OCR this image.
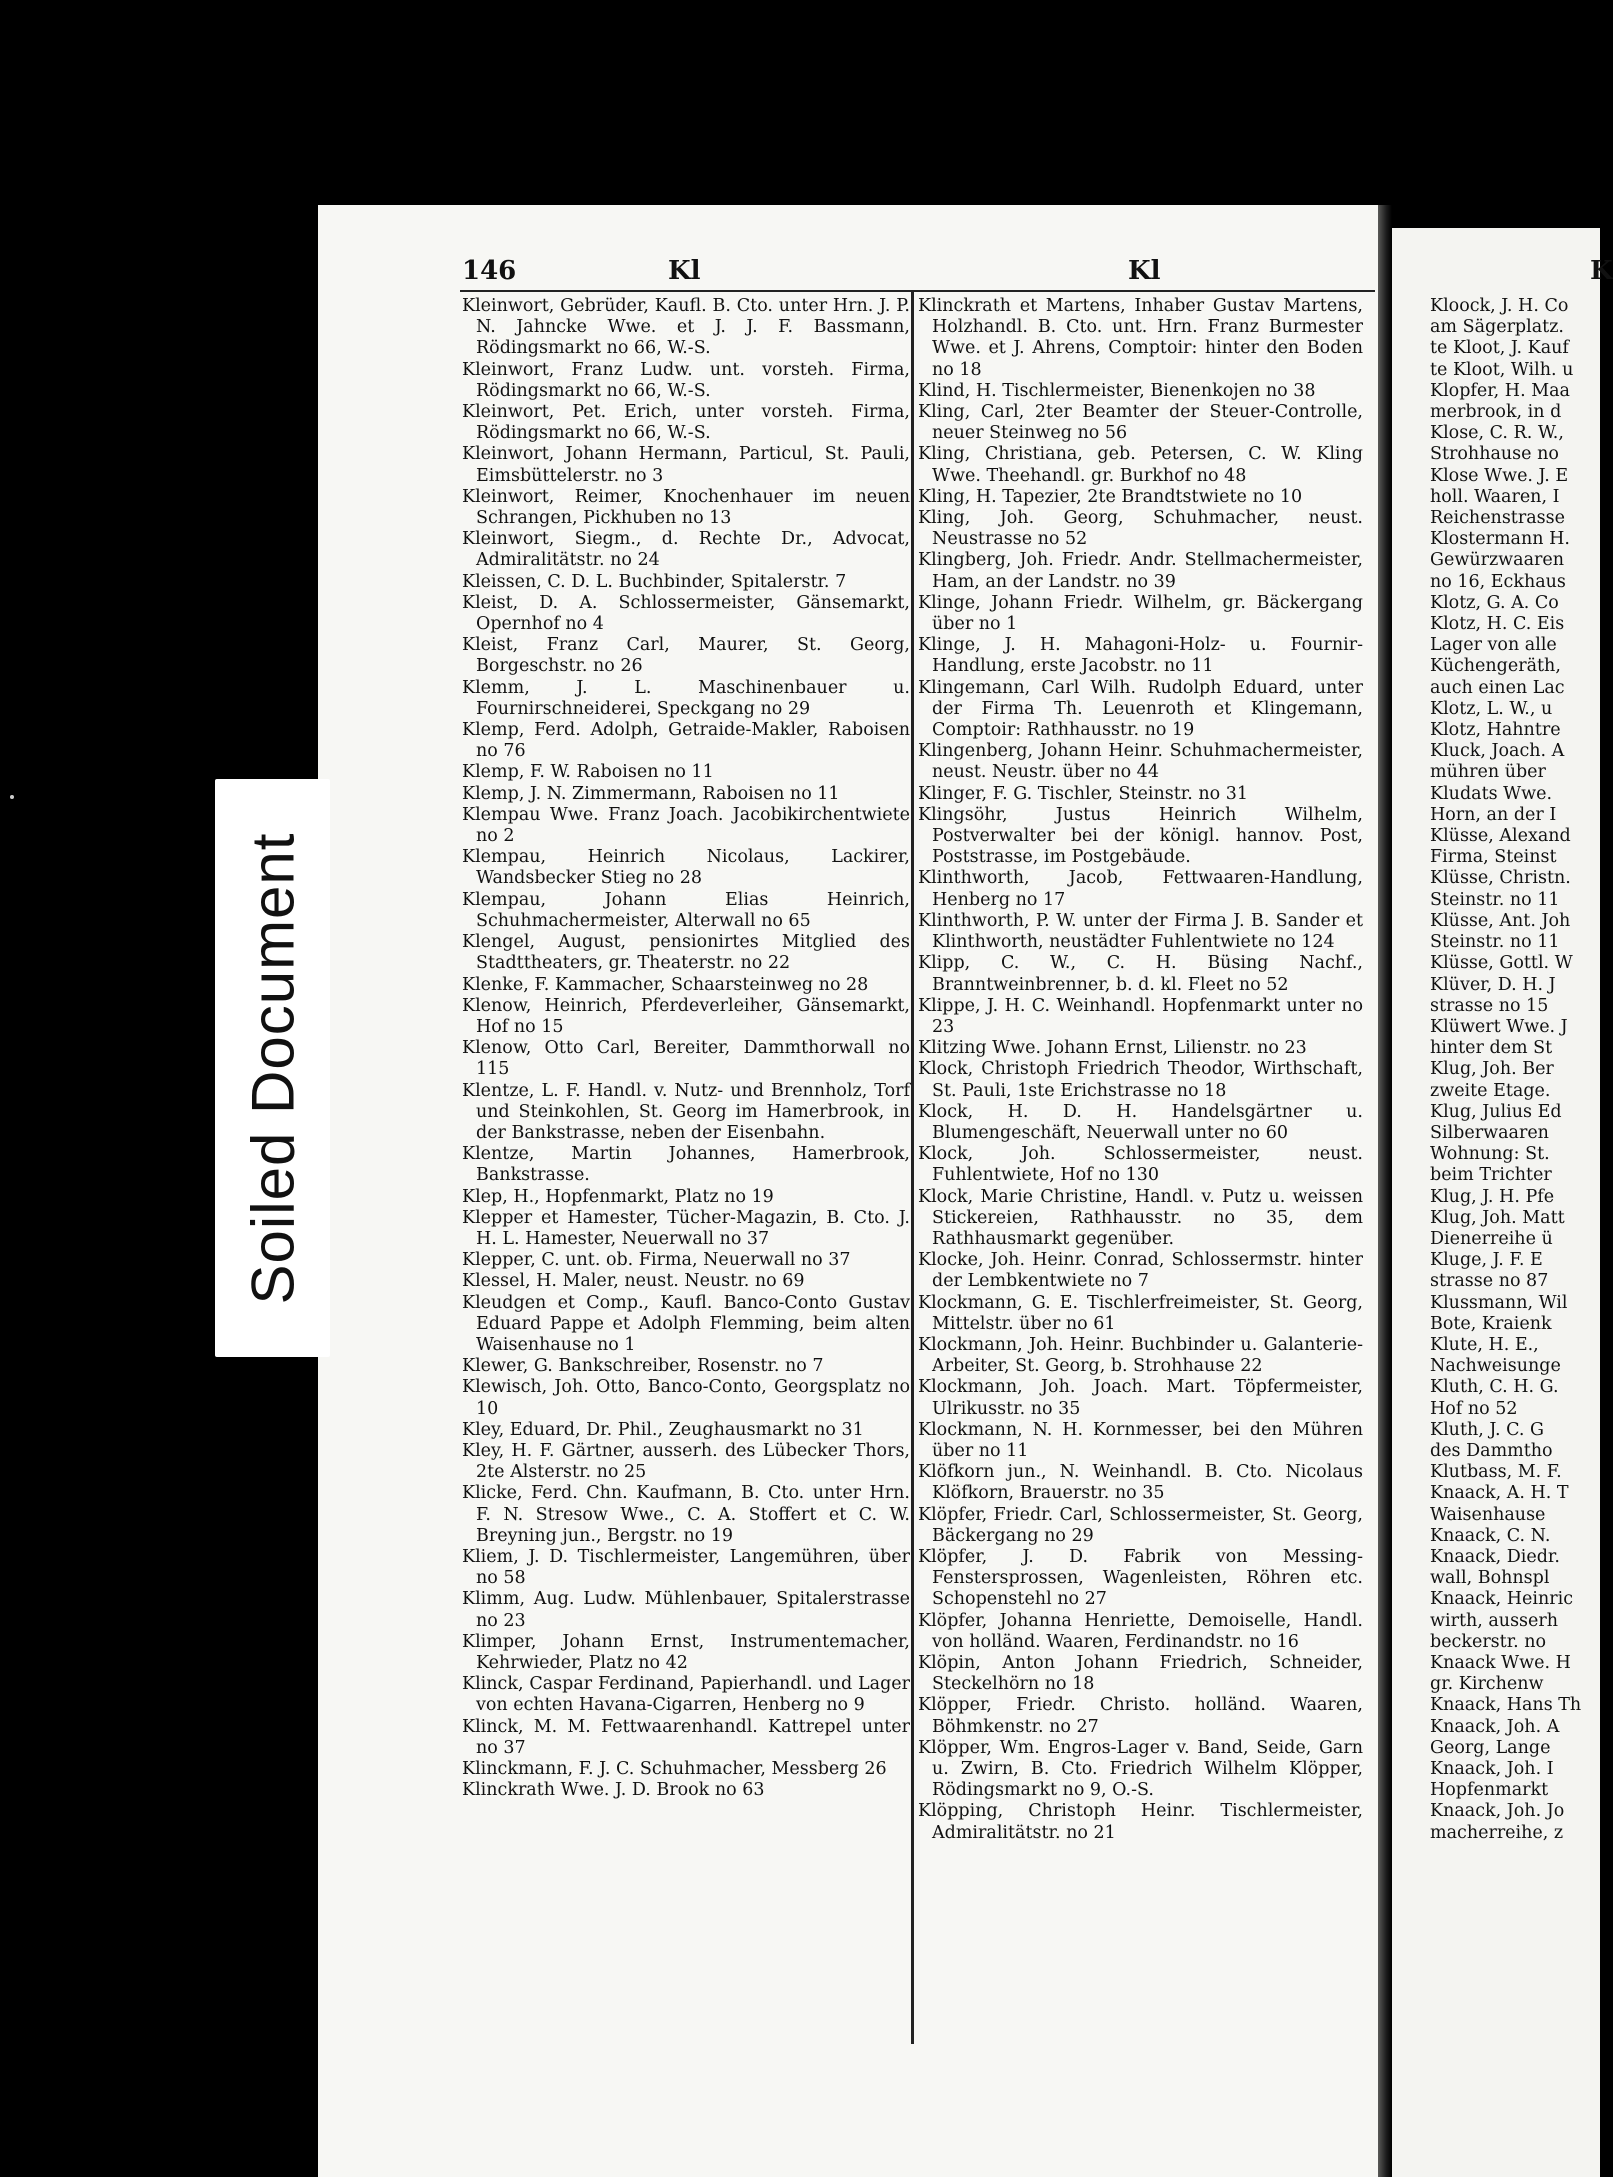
Soiled Document
146	Kl	Kl	K

Kleinwort, Gebrüder, Kaufl. B. Cto. unter Hrn. J. P. N. Jahncke Wwe. et J. J. F. Bassmann, Rödingsmarkt no 66, W.-S.

Kleinwort, Franz Ludw. unt. vorsteh. Firma, Rödingsmarkt no 66, W.-S.

Kleinwort, Pet. Erich, unter vorsteh. Firma, Rödingsmarkt no 66, W.-S.

Kleinwort, Johann Hermann, Particul, St. Pauli, Eimsbüttelerstr. no 3

Kleinwort, Reimer, Knochenhauer im neuen Schrangen, Pickhuben no 13

Kleinwort, Siegm., d. Rechte Dr., Advocat, Admiralitätstr. no 24

Kleissen, C. D. L. Buchbinder, Spitalerstr. 7

Kleist, D. A. Schlossermeister, Gänsemarkt, Opernhof no 4

Kleist, Franz Carl, Maurer, St. Georg, Borgeschstr. no 26

Klemm, J. L. Maschinenbauer u. Fournirschneiderei, Speckgang no 29

Klemp, Ferd. Adolph, Getraide-Makler, Raboisen no 76

Klemp, F. W. Raboisen no 11

Klemp, J. N. Zimmermann, Raboisen no 11

Klempau Wwe. Franz Joach. Jacobikirchentwiete no 2

Klempau, Heinrich Nicolaus, Lackirer, Wandsbecker Stieg no 28

Klempau, Johann Elias Heinrich, Schuhmachermeister, Alterwall no 65

Klengel, August, pensionirtes Mitglied des Stadttheaters, gr. Theaterstr. no 22

Klenke, F. Kammacher, Schaarsteinweg no 28

Klenow, Heinrich, Pferdeverleiher, Gänsemarkt, Hof no 15

Klenow, Otto Carl, Bereiter, Dammthorwall no 115

Klentze, L. F. Handl. v. Nutz- und Brennholz, Torf und Steinkohlen, St. Georg im Hamerbrook, in der Bankstrasse, neben der Eisenbahn.

Klentze, Martin Johannes, Hamerbrook, Bankstrasse.

Klep, H., Hopfenmarkt, Platz no 19

Klepper et Hamester, Tücher-Magazin, B. Cto. J. H. L. Hamester, Neuerwall no 37

Klepper, C. unt. ob. Firma, Neuerwall no 37

Klessel, H. Maler, neust. Neustr. no 69

Kleudgen et Comp., Kaufl. Banco-Conto Gustav Eduard Pappe et Adolph Flemming, beim alten Waisenhause no 1

Klewer, G. Bankschreiber, Rosenstr. no 7

Klewisch, Joh. Otto, Banco-Conto, Georgsplatz no 10

Kley, Eduard, Dr. Phil., Zeughausmarkt no 31

Kley, H. F. Gärtner, ausserh. des Lübecker Thors, 2te Alsterstr. no 25

Klicke, Ferd. Chn. Kaufmann, B. Cto. unter Hrn. F. N. Stresow Wwe., C. A. Stoffert et C. W. Breyning jun., Bergstr. no 19

Kliem, J. D. Tischlermeister, Langemühren, über no 58

Klimm, Aug. Ludw. Mühlenbauer, Spitalerstrasse no 23

Klimper, Johann Ernst, Instrumentemacher, Kehrwieder, Platz no 42

Klinck, Caspar Ferdinand, Papierhandl. und Lager von echten Havana-Cigarren, Henberg no 9

Klinck, M. M. Fettwaarenhandl. Kattrepel unter no 37

Klinckmann, F. J. C. Schuhmacher, Messberg 26

Klinckrath Wwe. J. D. Brook no 63

Klinckrath et Martens, Inhaber Gustav Martens, Holzhandl. B. Cto. unt. Hrn. Franz Burmester Wwe. et J. Ahrens, Comptoir: hinter den Boden no 18

Klind, H. Tischlermeister, Bienenkojen no 38

Kling, Carl, 2ter Beamter der Steuer-Controlle, neuer Steinweg no 56

Kling, Christiana, geb. Petersen, C. W. Kling Wwe. Theehandl. gr. Burkhof no 48

Kling, H. Tapezier, 2te Brandtstwiete no 10

Kling, Joh. Georg, Schuhmacher, neust. Neustrasse no 52

Klingberg, Joh. Friedr. Andr. Stellmachermeister, Ham, an der Landstr. no 39

Klinge, Johann Friedr. Wilhelm, gr. Bäckergang über no 1

Klinge, J. H. Mahagoni-Holz- u. Fournir-Handlung, erste Jacobstr. no 11

Klingemann, Carl Wilh. Rudolph Eduard, unter der Firma Th. Leuenroth et Klingemann, Comptoir: Rathhausstr. no 19

Klingenberg, Johann Heinr. Schuhmachermeister, neust. Neustr. über no 44

Klinger, F. G. Tischler, Steinstr. no 31

Klingsöhr, Justus Heinrich Wilhelm, Postverwalter bei der königl. hannov. Post, Poststrasse, im Postgebäude.

Klinthworth, Jacob, Fettwaaren-Handlung, Henberg no 17

Klinthworth, P. W. unter der Firma J. B. Sander et Klinthworth, neustädter Fuhlentwiete no 124

Klipp, C. W., C. H. Büsing Nachf., Branntweinbrenner, b. d. kl. Fleet no 52

Klippe, J. H. C. Weinhandl. Hopfenmarkt unter no 23

Klitzing Wwe. Johann Ernst, Lilienstr. no 23

Klock, Christoph Friedrich Theodor, Wirthschaft, St. Pauli, 1ste Erichstrasse no 18

Klock, H. D. H. Handelsgärtner u. Blumengeschäft, Neuerwall unter no 60

Klock, Joh. Schlossermeister, neust. Fuhlentwiete, Hof no 130

Klock, Marie Christine, Handl. v. Putz u. weissen Stickereien, Rathhausstr. no 35, dem Rathhausmarkt gegenüber.

Klocke, Joh. Heinr. Conrad, Schlossermstr. hinter der Lembkentwiete no 7

Klockmann, G. E. Tischlerfreimeister, St. Georg, Mittelstr. über no 61

Klockmann, Joh. Heinr. Buchbinder u. Galanterie-Arbeiter, St. Georg, b. Strohhause 22

Klockmann, Joh. Joach. Mart. Töpfermeister, Ulrikusstr. no 35

Klockmann, N. H. Kornmesser, bei den Mühren über no 11

Klöfkorn jun., N. Weinhandl. B. Cto. Nicolaus Klöfkorn, Brauerstr. no 35

Klöpfer, Friedr. Carl, Schlossermeister, St. Georg, Bäckergang no 29

Klöpfer, J. D. Fabrik von Messing-Fenstersprossen, Wagenleisten, Röhren etc. Schopenstehl no 27

Klöpfer, Johanna Henriette, Demoiselle, Handl. von holländ. Waaren, Ferdinandstr. no 16

Klöpin, Anton Johann Friedrich, Schneider, Steckelhörn no 18

Klöpper, Friedr. Christo. holländ. Waaren, Böhmkenstr. no 27

Klöpper, Wm. Engros-Lager v. Band, Seide, Garn u. Zwirn, B. Cto. Friedrich Wilhelm Klöpper, Rödingsmarkt no 9, O.-S.

Klöpping, Christoph Heinr. Tischlermeister, Admiralitätstr. no 21

Kloock, J. H. Co

am Sägerplatz.

te Kloot, J. Kauf

te Kloot, Wilh. u

Klopfer, H. Maa

merbrook, in d

Klose, C. R. W.,

Strohhause no

Klose Wwe. J. E

holl. Waaren, I

Reichenstrasse

Klostermann H.

Gewürzwaaren

no 16, Eckhaus

Klotz, G. A. Co

Klotz, H. C. Eis

Lager von alle

Küchengeräth,

auch einen Lac

Klotz, L. W., u

Klotz, Hahntre

Kluck, Joach. A

mühren über

Kludats Wwe.

Horn, an der I

Klüsse, Alexand

Firma, Steinst

Klüsse, Christn.

Steinstr. no 11

Klüsse, Ant. Joh

Steinstr. no 11

Klüsse, Gottl. W

Klüver, D. H. J

strasse no 15

Klüwert Wwe. J

hinter dem St

Klug, Joh. Ber

zweite Etage.

Klug, Julius Ed

Silberwaaren

Wohnung: St.

beim Trichter

Klug, J. H. Pfe

Klug, Joh. Matt

Dienerreihe ü

Kluge, J. F. E

strasse no 87

Klussmann, Wil

Bote, Kraienk

Klute, H. E.,

Nachweisunge

Kluth, C. H. G.

Hof no 52

Kluth, J. C. G

des Dammtho

Klutbass, M. F.

Knaack, A. H. T

Waisenhause

Knaack, C. N.

Knaack, Diedr.

wall, Bohnspl

Knaack, Heinric

wirth, ausserh

beckerstr. no

Knaack Wwe. H

gr. Kirchenw

Knaack, Hans Th

Knaack, Joh. A

Georg, Lange

Knaack, Joh. I

Hopfenmarkt

Knaack, Joh. Jo

macherreihe, z
